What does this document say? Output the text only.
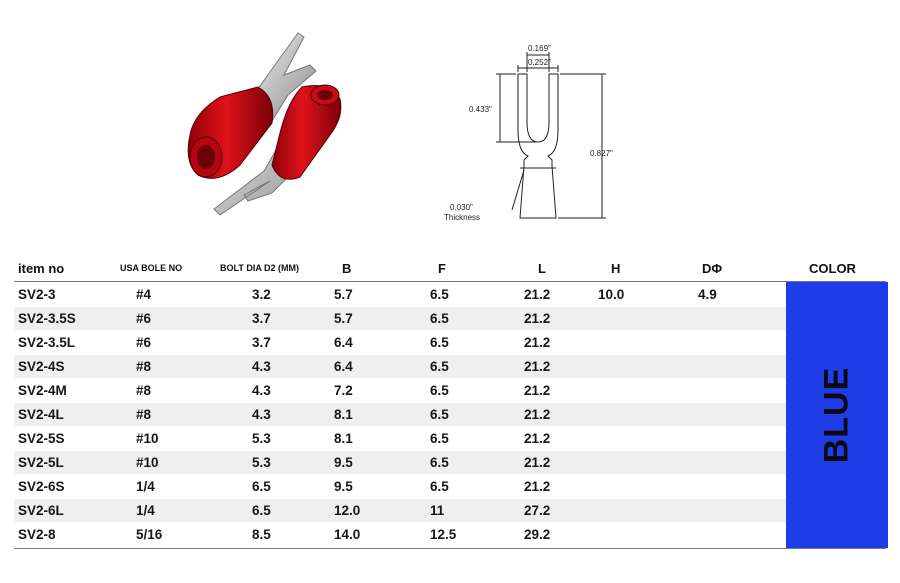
0.169"
0.252"
0.433"
0.827"
0.030"
Thickness
item no	USA BOLE NO	BOLT DIA D2 (MM)	B	F	L	H	DΦ	COLOR
SV2-3	#4	3.2	5.7	6.5	21.2	10.0	4.9
SV2-3.5S	#6	3.7	5.7	6.5	21.2
SV2-3.5L	#6	3.7	6.4	6.5	21.2
SV2-4S	#8	4.3	6.4	6.5	21.2
SV2-4M	#8	4.3	7.2	6.5	21.2
SV2-4L	#8	4.3	8.1	6.5	21.2
SV2-5S	#10	5.3	8.1	6.5	21.2
SV2-5L	#10	5.3	9.5	6.5	21.2
SV2-6S	1/4	6.5	9.5	6.5	21.2
SV2-6L	1/4	6.5	12.0	11	27.2
SV2-8	5/16	8.5	14.0	12.5	29.2
BLUE
